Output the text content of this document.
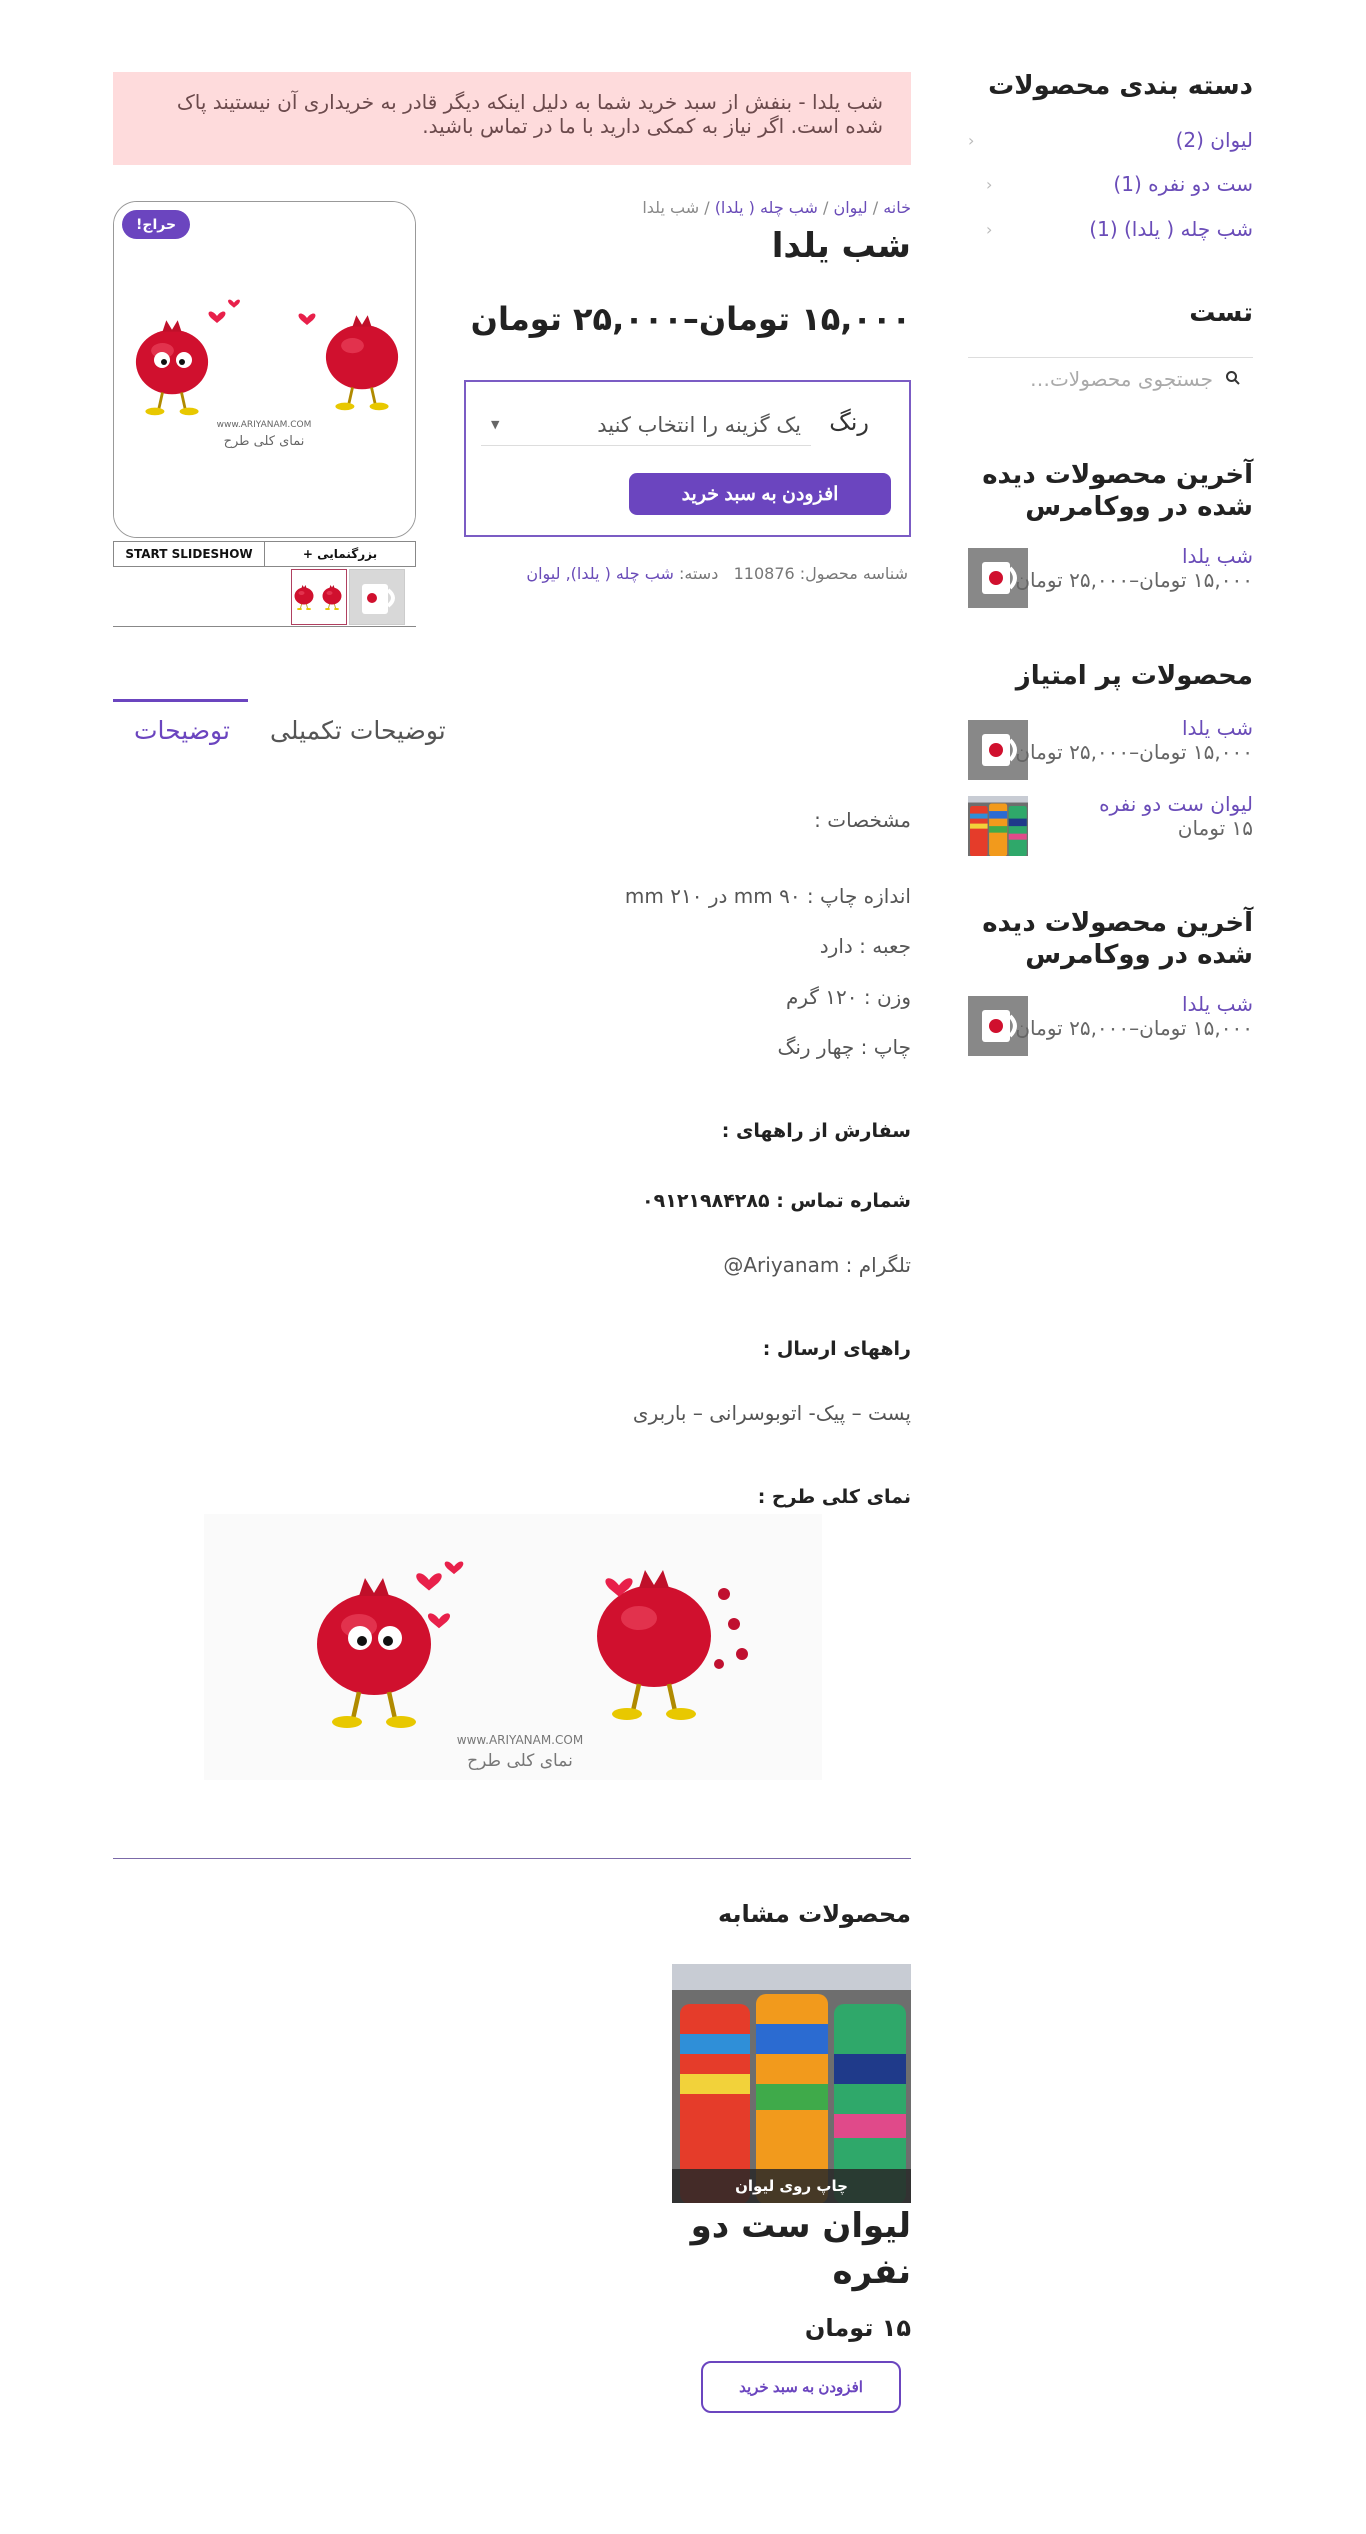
شب یلدا - بنفش از سبد خرید شما به دلیل اینکه دیگر قادر به خریداری آن نیستیند پاک شده است. اگر نیاز به کمکی دارید با ما در تماس باشید.
خانه / لیوان / شب چله ( یلدا) / شب یلدا
شب یلدا
۱۵,۰۰۰ تومان–۲۵,۰۰۰ تومان
رنگ
یک گزینه را انتخاب کنید
▼
افزودن به سبد خرید
شناسه محصول: 110876   دسته: شب چله ( یلدا), لیوان
www.ARIYANAM.COM
نمای کلی طرح
حراج!
بزرگنمایی +
START SLIDESHOW
توضیحات توضیحات تکمیلی
مشخصات :
اندازه چاپ : ۹۰ mm در ۲۱۰ mm
جعبه : دارد
وزن : ۱۲۰ گرم
چاپ : چهار رنگ
سفارش از راههای :
شماره تماس : ۰۹۱۲۱۹۸۴۲۸۵
تلگرام : Ariyanam@
راههای ارسال :
پست – پیک- اتوبوسرانی – باربری
نمای کلی طرح :
www.ARIYANAM.COM
نمای کلی طرح
محصولات مشابه
چاپ روی لیوان
لیوان ست دو نفره
۱۵ تومان
افزودن به سبد خرید
دسته بندی محصولات
لیوان (2)
‹
ست دو نفره (1)
‹
شب چله ( یلدا) (1)
‹
تست
جستجوی محصولات…
آخرین محصولات دیده شده در ووکامرس
شب یلدا
۱۵,۰۰۰ تومان–۲۵,۰۰۰ تومان
محصولات پر امتیاز
شب یلدا
۱۵,۰۰۰ تومان–۲۵,۰۰۰ تومان
لیوان ست دو نفره
۱۵ تومان
آخرین محصولات دیده شده در ووکامرس
شب یلدا
۱۵,۰۰۰ تومان–۲۵,۰۰۰ تومان
